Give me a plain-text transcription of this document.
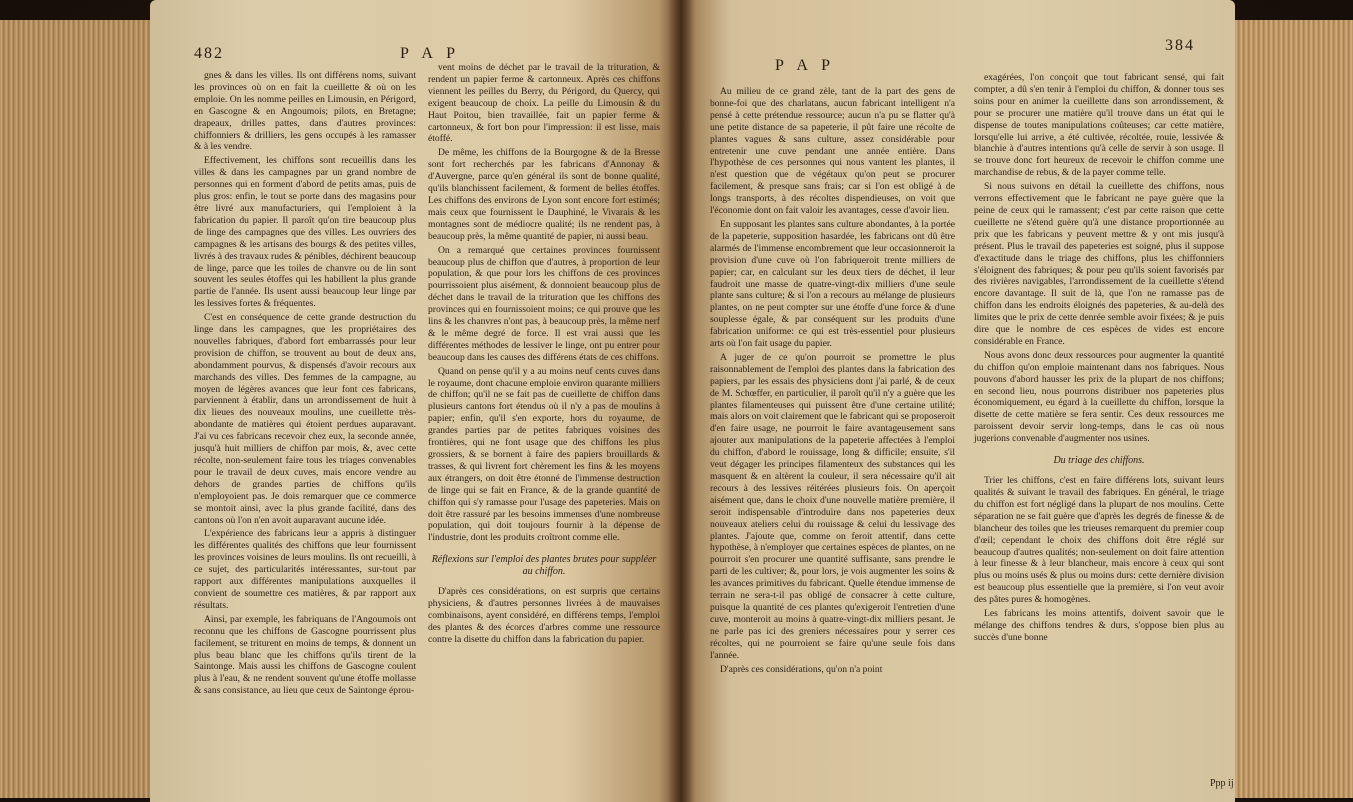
482	P A P

gnes & dans les villes. Ils ont différens noms, suivant les provinces où on en fait la cueillette & où on les emploie. On les nomme peilles en Limousin, en Périgord, en Gascogne & en Angoumois; pilots, en Bretagne; drapeaux, drilles pattes, dans d'autres provinces: chiffonniers & drilliers, les gens occupés à les ramasser & à les vendre.

Effectivement, les chiffons sont recueillis dans les villes & dans les campagnes par un grand nombre de personnes qui en forment d'abord de petits amas, puis de plus gros: enfin, le tout se porte dans des magasins pour être livré aux manufacturiers, qui l'emploient à la fabrication du papier. Il paroît qu'on tire beaucoup plus de linge des campagnes que des villes. Les ouvriers des campagnes & les artisans des bourgs & des petites villes, livrés à des travaux rudes & pénibles, déchirent beaucoup de linge, parce que les toiles de chanvre ou de lin sont souvent les seules étoffes qui les habillent la plus grande partie de l'année. Ils usent aussi beaucoup leur linge par les lessives fortes & fréquentes.

C'est en conséquence de cette grande destruction du linge dans les campagnes, que les propriétaires des nouvelles fabriques, d'abord fort embarrassés pour leur provision de chiffon, se trouvent au bout de deux ans, abondamment pourvus, & dispensés d'avoir recours aux marchands des villes. Des femmes de la campagne, au moyen de légères avances que leur font ces fabricans, parviennent à établir, dans un arrondissement de huit à dix lieues des nouveaux moulins, une cueillette très-abondante de matières qui étoient perdues auparavant. J'ai vu ces fabricans recevoir chez eux, la seconde année, jusqu'à huit milliers de chiffon par mois, &, avec cette récolte, non-seulement faire tous les triages convenables pour le travail de deux cuves, mais encore vendre au dehors de grandes parties de chiffons qu'ils n'employoient pas. Je dois remarquer que ce commerce se montoit ainsi, avec la plus grande facilité, dans des cantons où l'on n'en avoit auparavant aucune idée.

L'expérience des fabricans leur a appris à distinguer les différentes qualités des chiffons que leur fournissent les provinces voisines de leurs moulins. Ils ont recueilli, à ce sujet, des particularités intéressantes, sur-tout par rapport aux différentes manipulations auxquelles il convient de soumettre ces matières, & par rapport aux résultats.

Ainsi, par exemple, les fabriquans de l'Angoumois ont reconnu que les chiffons de Gascogne pourrissent plus facilement, se triturent en moins de temps, & donnent un plus beau blanc que les chiffons qu'ils tirent de la Saintonge. Mais aussi les chiffons de Gascogne coulent plus à l'eau, & ne rendent souvent qu'une étoffe mollasse & sans consistance, au lieu que ceux de Saintonge éprou-

vent moins de déchet par le travail de la trituration, & rendent un papier ferme & cartonneux. Après ces chiffons viennent les peilles du Berry, du Périgord, du Quercy, qui exigent beaucoup de choix. La peille du Limousin & du Haut Poitou, bien travaillée, fait un papier ferme & cartonneux, & fort bon pour l'impression: il est lisse, mais étoffé.

De même, les chiffons de la Bourgogne & de la Bresse sont fort recherchés par les fabricans d'Annonay & d'Auvergne, parce qu'en général ils sont de bonne qualité, qu'ils blanchissent facilement, & forment de belles étoffes. Les chiffons des environs de Lyon sont encore fort estimés; mais ceux que fournissent le Dauphiné, le Vivarais & les montagnes sont de médiocre qualité; ils ne rendent pas, à beaucoup près, la même quantité de papier, ni aussi beau.

On a remarqué que certaines provinces fournissent beaucoup plus de chiffon que d'autres, à proportion de leur population, & que pour lors les chiffons de ces provinces pourrissoient plus aisément, & donnoient beaucoup plus de déchet dans le travail de la trituration que les chiffons des provinces qui en fournissoient moins; ce qui prouve que les lins & les chanvres n'ont pas, à beaucoup près, la même nerf & le même degré de force. Il est vrai aussi que les différentes méthodes de lessiver le linge, ont pu entrer pour beaucoup dans les causes des différens états de ces chiffons.

Quand on pense qu'il y a au moins neuf cents cuves dans le royaume, dont chacune emploie environ quarante milliers de chiffon; qu'il ne se fait pas de cueillette de chiffon dans plusieurs cantons fort étendus où il n'y a pas de moulins à papier; enfin, qu'il s'en exporte, hors du royaume, de grandes parties par de petites fabriques voisines des frontières, qui ne font usage que des chiffons les plus grossiers, & se bornent à faire des papiers brouillards & trasses, & qui livrent fort chèrement les fins & les moyens aux étrangers, on doit être étonné de l'immense destruction de linge qui se fait en France, & de la grande quantité de chiffon qui s'y ramasse pour l'usage des papeteries. Mais on doit être rassuré par les besoins immenses d'une nombreuse population, qui doit toujours fournir à la dépense de l'industrie, dont les produits croîtront comme elle.

Réflexions sur l'emploi des plantes brutes pour suppléer au chiffon.

D'après ces considérations, on est surpris que certains physiciens, & d'autres personnes livrées à de mauvaises combinaisons, ayent considéré, en différens temps, l'emploi des plantes & des écorces d'arbres comme une ressource contre la disette du chiffon dans la fabrication du papier.

P A P
384

Au milieu de ce grand zèle, tant de la part des gens de bonne-foi que des charlatans, aucun fabricant intelligent n'a pensé à cette prétendue ressource; aucun n'a pu se flatter qu'à une petite distance de sa papeterie, il pût faire une récolte de plantes vagues & sans culture, assez considérable pour entretenir une cuve pendant une année entière. Dans l'hypothèse de ces personnes qui nous vantent les plantes, il n'est question que de végétaux qu'on peut se procurer facilement, & presque sans frais; car si l'on est obligé à de longs transports, à des récoltes dispendieuses, on voit que l'économie dont on fait valoir les avantages, cesse d'avoir lieu.

En supposant les plantes sans culture abondantes, à la portée de la papeterie, supposition hasardée, les fabricans ont dû être alarmés de l'immense encombrement que leur occasionneroit la provision d'une cuve où l'on fabriqueroit trente milliers de papier; car, en calculant sur les deux tiers de déchet, il leur faudroit une masse de quatre-vingt-dix milliers d'une seule plante sans culture; & si l'on a recours au mélange de plusieurs plantes, on ne peut compter sur une étoffe d'une force & d'une souplesse égale, & par conséquent sur les produits d'une fabrication uniforme: ce qui est très-essentiel pour plusieurs arts où l'on fait usage du papier.

A juger de ce qu'on pourroit se promettre le plus raisonnablement de l'emploi des plantes dans la fabrication des papiers, par les essais des physiciens dont j'ai parlé, & de ceux de M. Schœffer, en particulier, il paroît qu'il n'y a guère que les plantes filamenteuses qui puissent être d'une certaine utilité; mais alors on voit clairement que le fabricant qui se proposeroit d'en faire usage, ne pourroit le faire avantageusement sans ajouter aux manipulations de la papeterie affectées à l'emploi du chiffon, d'abord le rouissage, long & difficile; ensuite, s'il veut dégager les principes filamenteux des substances qui les masquent & en altèrent la couleur, il sera nécessaire qu'il ait recours à des lessives réitérées plusieurs fois. On aperçoit aisément que, dans le choix d'une nouvelle matière première, il seroit indispensable d'introduire dans nos papeteries deux nouveaux ateliers celui du rouissage & celui du lessivage des plantes. J'ajoute que, comme on feroit attentif, dans cette hypothèse, à n'employer que certaines espèces de plantes, on ne pourroit s'en procurer une quantité suffisante, sans prendre le parti de les cultiver; &, pour lors, je vois augmenter les soins & les avances primitives du fabricant. Quelle étendue immense de terrain ne sera-t-il pas obligé de consacrer à cette culture, puisque la quantité de ces plantes qu'exigeroit l'entretien d'une cuve, monteroit au moins à quatre-vingt-dix milliers pesant. Je ne parle pas ici des greniers nécessaires pour y serrer ces récoltes, qui ne pourroient se faire qu'une seule fois dans l'année.

D'après ces considérations, qu'on n'a point

exagérées, l'on conçoit que tout fabricant sensé, qui fait compter, a dû s'en tenir à l'emploi du chiffon, & donner tous ses soins pour en animer la cueillette dans son arrondissement, & pour se procurer une matière qu'il trouve dans un état qui le dispense de toutes manipulations coûteuses; car cette matière, lorsqu'elle lui arrive, a été cultivée, récoltée, rouie, lessivée & blanchie à d'autres intentions qu'à celle de servir à son usage. Il se trouve donc fort heureux de recevoir le chiffon comme une marchandise de rebus, & de la payer comme telle.

Si nous suivons en détail la cueillette des chiffons, nous verrons effectivement que le fabricant ne paye guère que la peine de ceux qui le ramassent; c'est par cette raison que cette cueillette ne s'étend guère qu'à une distance proportionnée au prix que les fabricans y peuvent mettre & y ont mis jusqu'à présent. Plus le travail des papeteries est soigné, plus il suppose d'exactitude dans le triage des chiffons, plus les chiffonniers s'éloignent des fabriques; & pour peu qu'ils soient favorisés par des rivières navigables, l'arrondissement de la cueillette s'étend encore davantage. Il suit de là, que l'on ne ramasse pas de chiffon dans les endroits éloignés des papeteries, & au-delà des limites que le prix de cette denrée semble avoir fixées; & je puis dire que le nombre de ces espèces de vides est encore considérable en France.

Nous avons donc deux ressources pour augmenter la quantité du chiffon qu'on emploie maintenant dans nos fabriques. Nous pouvons d'abord hausser les prix de la plupart de nos chiffons; en second lieu, nous pourrons distribuer nos papeteries plus économiquement, eu égard à la cueillette du chiffon, lorsque la disette de cette matière se fera sentir. Ces deux ressources me paroissent devoir servir long-temps, dans le cas où nous jugerions convenable d'augmenter nos usines.

Du triage des chiffons.

Trier les chiffons, c'est en faire différens lots, suivant leurs qualités & suivant le travail des fabriques. En général, le triage du chiffon est fort négligé dans la plupart de nos moulins. Cette séparation ne se fait guère que d'après les degrés de finesse & de blancheur des toiles que les trieuses remarquent du premier coup d'œil; cependant le choix des chiffons doit être réglé sur beaucoup d'autres qualités; non-seulement on doit faire attention à leur finesse & à leur blancheur, mais encore à ceux qui sont plus ou moins usés & plus ou moins durs: cette dernière division est beaucoup plus essentielle que la première, si l'on veut avoir des pâtes pures & homogènes.

Les fabricans les moins attentifs, doivent savoir que le mélange des chiffons tendres & durs, s'oppose bien plus au succès d'une bonne

Ppp ij
